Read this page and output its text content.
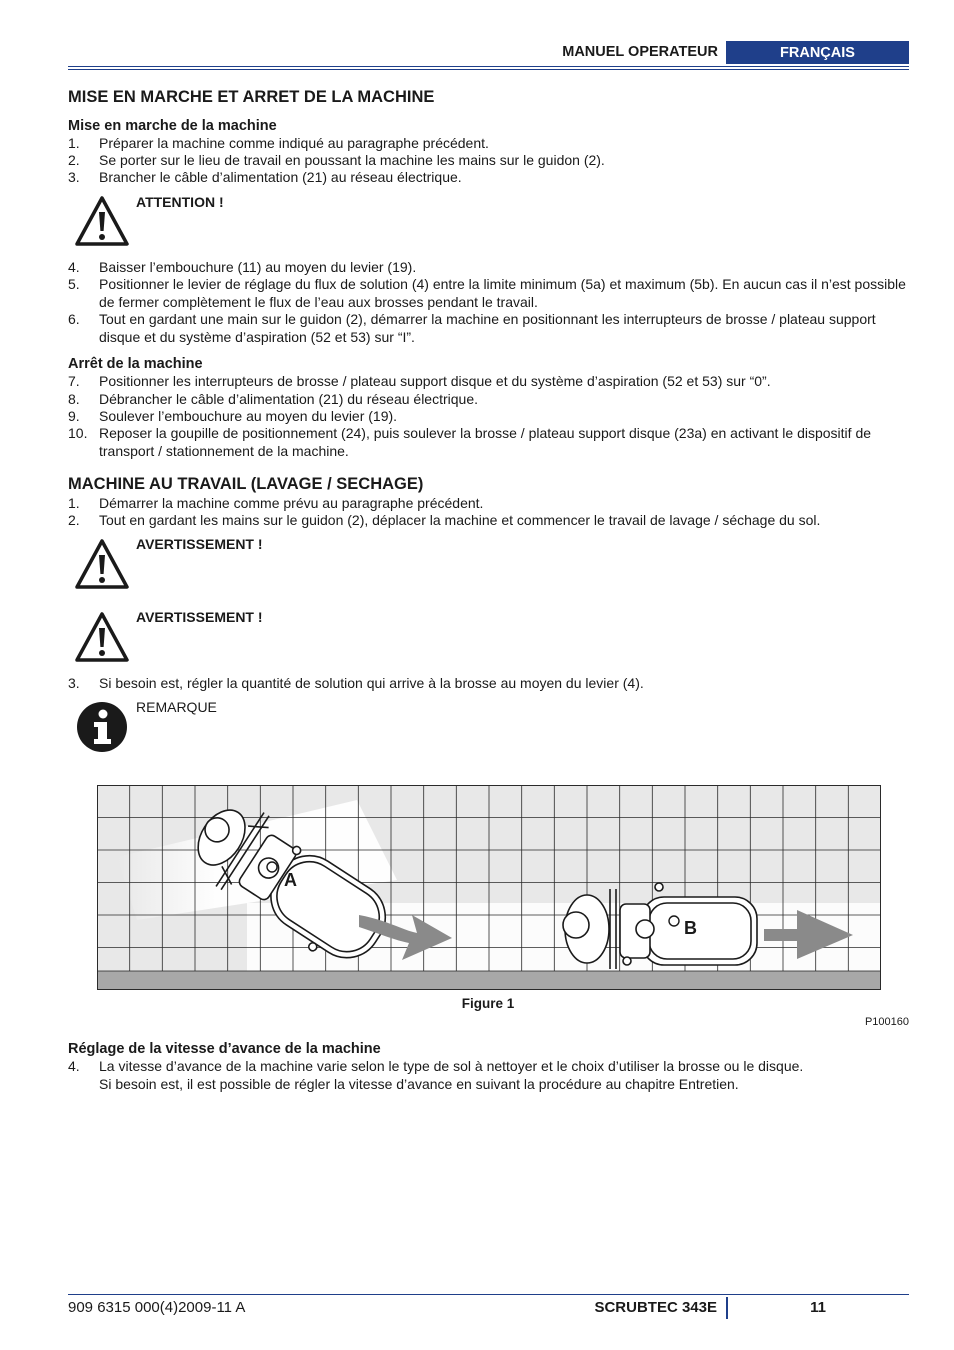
MANUEL OPERATEUR	FRANÇAIS
MISE EN MARCHE ET ARRET DE LA MACHINE
Mise en marche de la machine
1.	Préparer la machine comme indiqué au paragraphe précédent.
2.	Se porter sur le lieu de travail en poussant la machine les mains sur le guidon (2).
3.	Brancher le câble d’alimentation (21) au réseau électrique.
ATTENTION !
4.	Baisser l’embouchure (11) au moyen du levier (19).
5.	Positionner le levier de réglage du flux de solution (4) entre la limite minimum (5a) et maximum (5b). En aucun cas il n’est possible de fermer complètement le flux de l’eau aux brosses pendant le travail.
6.	Tout en gardant une main sur le guidon (2), démarrer la machine en positionnant les interrupteurs de brosse / plateau support disque et du système d’aspiration (52 et 53) sur “I”.
Arrêt de la machine
7.	Positionner les interrupteurs de brosse / plateau support disque et du système d’aspiration (52 et 53) sur “0”.
8.	Débrancher le câble d’alimentation (21) du réseau électrique.
9.	Soulever l’embouchure au moyen du levier (19).
10. Reposer la goupille de positionnement (24), puis soulever la brosse / plateau support disque (23a) en activant le dispositif de transport / stationnement de la machine.
MACHINE AU TRAVAIL (LAVAGE / SECHAGE)
1.	Démarrer la machine comme prévu au paragraphe précédent.
2.	Tout en gardant les mains sur le guidon (2), déplacer la machine et commencer le travail de lavage / séchage du sol.
AVERTISSEMENT !
AVERTISSEMENT !
3.	Si besoin est, régler la quantité de solution qui arrive à la brosse au moyen du levier (4).
REMARQUE
A
B
Figure 1
P100160
Réglage de la vitesse d’avance de la machine
4.	La vitesse d’avance de la machine varie selon le type de sol à nettoyer et le choix d’utiliser la brosse ou le disque.
Si besoin est, il est possible de régler la vitesse d’avance en suivant la procédure au chapitre Entretien.
909 6315 000(4)2009-11 A	SCRUBTEC 343E	11
